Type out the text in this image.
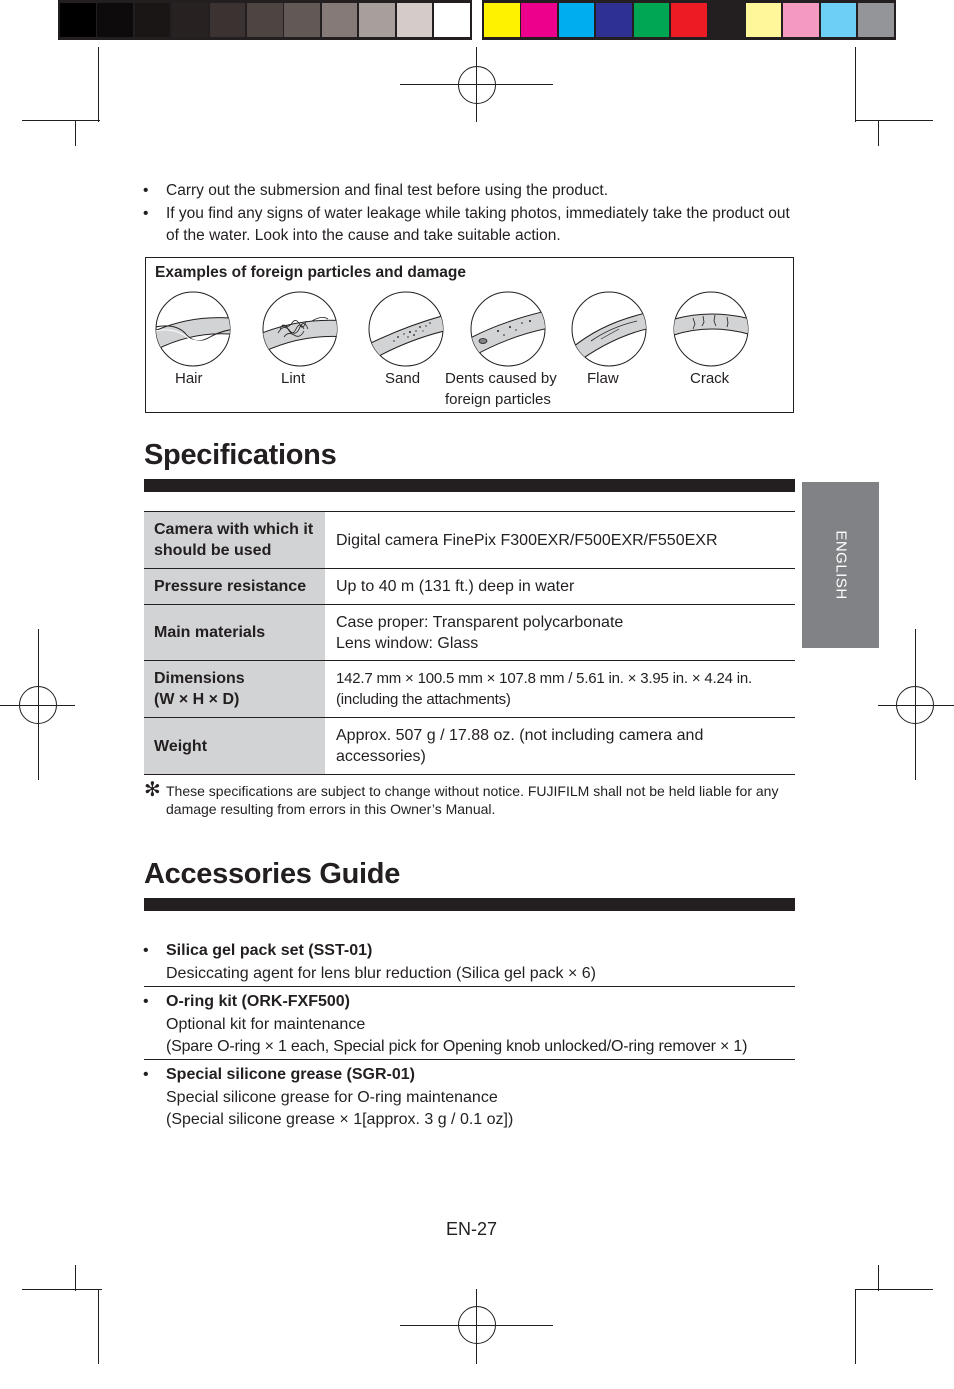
• Carry out the submersion and final test before using the product.
• If you find any signs of water leakage while taking photos, immediately take the product out of the water. Look into the cause and take suitable action.
Examples of foreign particles and damage
Hair	Lint	Sand Dents caused by
foreign particles
Flaw	Crack
ENGLISH
Specifications
Camera with which it should be used	Digital camera FinePix F300EXR/F500EXR/F550EXR
Pressure resistance	Up to 40 m (131 ft.) deep in water
Main materials	Case proper: Transparent polycarbonate
Lens window: Glass
Dimensions
(W × H × D)	142.7 mm × 100.5 mm × 107.8 mm / 5.61 in. × 3.95 in. × 4.24 in. (including the attachments)
Weight	Approx. 507 g / 17.88 oz. (not including camera and accessories)
✻ These specifications are subject to change without notice. FUJIFILM shall not be held liable for any damage resulting from errors in this Owner’s Manual.
Accessories Guide
• Silica gel pack set (SST-01)
Desiccating agent for lens blur reduction (Silica gel pack × 6)
• O-ring kit (ORK-FXF500)
Optional kit for maintenance
(Spare O-ring × 1 each, Special pick for Opening knob unlocked/O-ring remover × 1)
• Special silicone grease (SGR-01)
Special silicone grease for O-ring maintenance
(Special silicone grease × 1[approx. 3 g / 0.1 oz])
EN-27
